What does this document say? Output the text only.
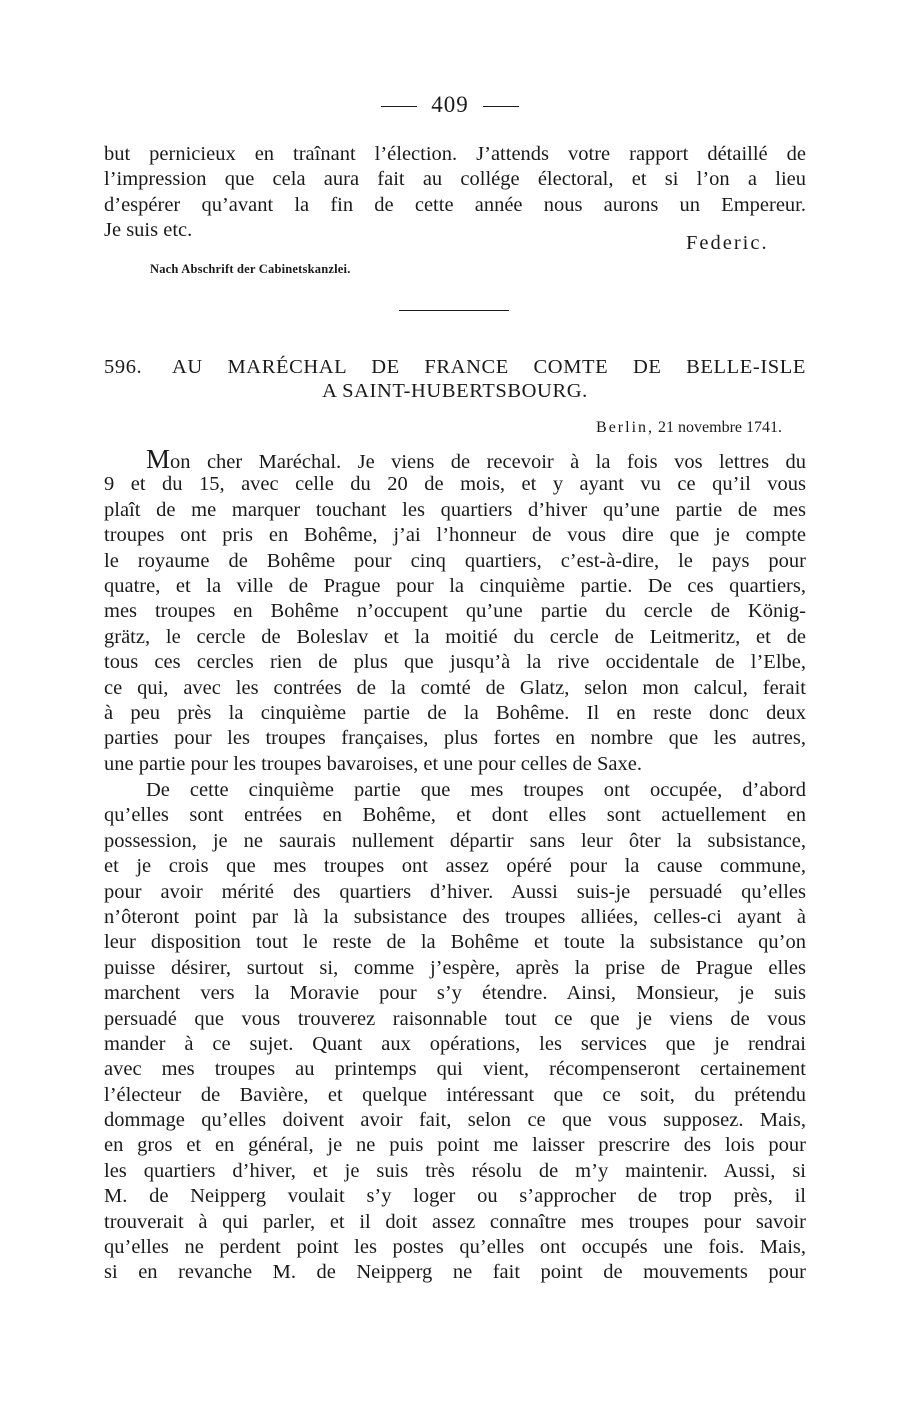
409
but pernicieux en traînant l’élection. J’attends votre rapport détaillé de
l’impression que cela aura fait au collége électoral, et si l’on a lieu
d’espérer qu’avant la fin de cette année nous aurons un Empereur.
Je suis etc.
Federic.
Nach Abschrift der Cabinetskanzlei.
596. AU MARÉCHAL DE FRANCE COMTE DE BELLE-ISLE
A SAINT-HUBERTSBOURG.
Berlin, 21 novembre 1741.
Mon cher Maréchal. Je viens de recevoir à la fois vos lettres du
9 et du 15, avec celle du 20 de mois, et y ayant vu ce qu’il vous
plaît de me marquer touchant les quartiers d’hiver qu’une partie de mes
troupes ont pris en Bohême, j’ai l’honneur de vous dire que je compte
le royaume de Bohême pour cinq quartiers, c’est-à-dire, le pays pour
quatre, et la ville de Prague pour la cinquième partie. De ces quartiers,
mes troupes en Bohême n’occupent qu’une partie du cercle de König-
grätz, le cercle de Boleslav et la moitié du cercle de Leitmeritz, et de
tous ces cercles rien de plus que jusqu’à la rive occidentale de l’Elbe,
ce qui, avec les contrées de la comté de Glatz, selon mon calcul, ferait
à peu près la cinquième partie de la Bohême. Il en reste donc deux
parties pour les troupes françaises, plus fortes en nombre que les autres,
une partie pour les troupes bavaroises, et une pour celles de Saxe.
De cette cinquième partie que mes troupes ont occupée, d’abord
qu’elles sont entrées en Bohême, et dont elles sont actuellement en
possession, je ne saurais nullement départir sans leur ôter la subsistance,
et je crois que mes troupes ont assez opéré pour la cause commune,
pour avoir mérité des quartiers d’hiver. Aussi suis-je persuadé qu’elles
n’ôteront point par là la subsistance des troupes alliées, celles-ci ayant à
leur disposition tout le reste de la Bohême et toute la subsistance qu’on
puisse désirer, surtout si, comme j’espère, après la prise de Prague elles
marchent vers la Moravie pour s’y étendre. Ainsi, Monsieur, je suis
persuadé que vous trouverez raisonnable tout ce que je viens de vous
mander à ce sujet. Quant aux opérations, les services que je rendrai
avec mes troupes au printemps qui vient, récompenseront certainement
l’électeur de Bavière, et quelque intéressant que ce soit, du prétendu
dommage qu’elles doivent avoir fait, selon ce que vous supposez. Mais,
en gros et en général, je ne puis point me laisser prescrire des lois pour
les quartiers d’hiver, et je suis très résolu de m’y maintenir. Aussi, si
M. de Neipperg voulait s’y loger ou s’approcher de trop près, il
trouverait à qui parler, et il doit assez connaître mes troupes pour savoir
qu’elles ne perdent point les postes qu’elles ont occupés une fois. Mais,
si en revanche M. de Neipperg ne fait point de mouvements pour
